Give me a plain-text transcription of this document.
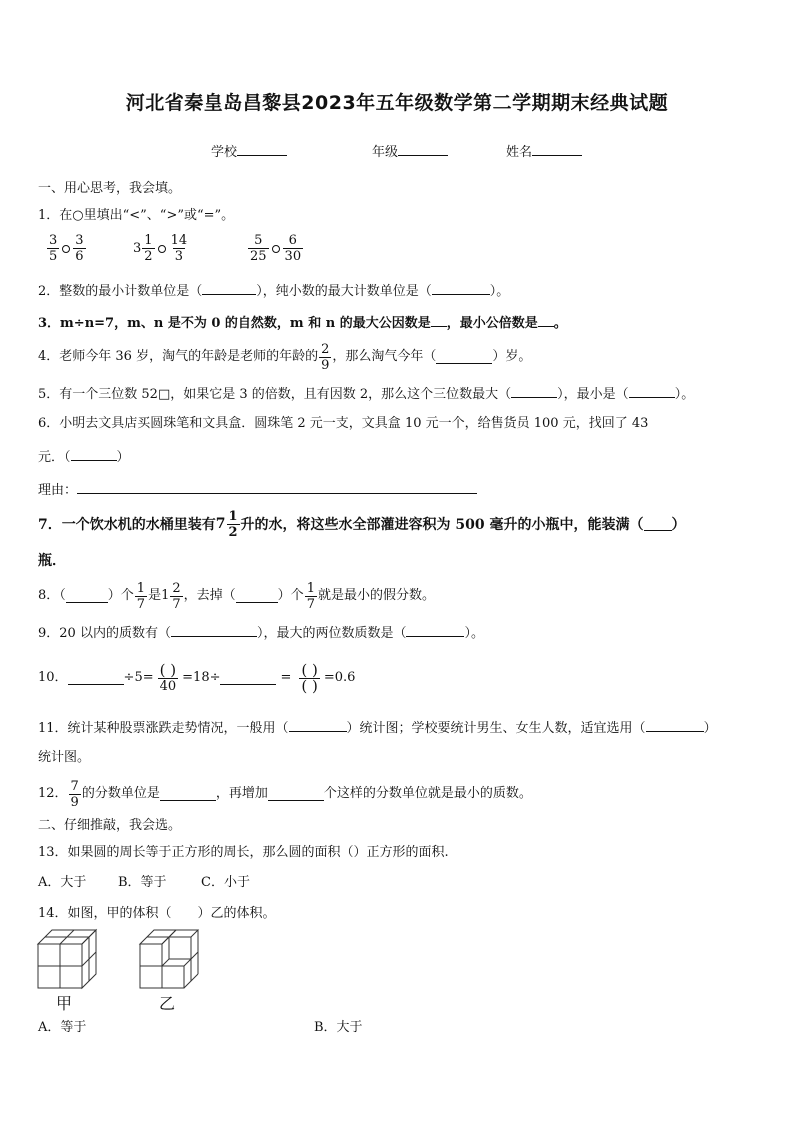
河北省秦皇岛昌黎县2023年五年级数学第二学期期末经典试题
学校	年级	姓名
一、用心思考，我会填。
1．在○里填出“<”、“>”或“=”。
$\frac{3}{5} \frac{3}{6}$	$3 \frac{1}{2} \frac{14}{3}$	$\frac{5}{25} \frac{6}{30}$
2．整数的最小计数单位是（	），纯小数的最大计数单位是（	）。
3．m÷n=7，m、n 是不为 0 的自然数，m 和 n 的最大公因数是 ，最小公倍数是 。
4．老师今年 36 岁，淘气的年龄是老师的年龄的 $\frac{2}{9}$ ，那么淘气今年（	）岁。
5．有一个三位数 52□，如果它是 3 的倍数，且有因数 2，那么这个三位数最大（	），最小是（	）。
6．小明去文具店买圆珠笔和文具盒．圆珠笔 2 元一支，文具盒 10 元一个，给售货员 100 元，找回了 43
元．（	）
理由：
7．一个饮水机的水桶里装有 $7 \frac{1}{2}$ 升的水，将这些水全部灌进容积为 500 毫升的小瓶中，能装满（ ）
瓶．
8．（	）个 $\frac{1}{7}$ 是 $1 \frac{2}{7}$ ，去掉（	）个 $\frac{1}{7}$ 就是最小的假分数。
9．20 以内的质数有（	），最大的两位数质数是（	）。
10．	$\div 5= \frac{( )}{40} =18\div$	= $\frac{( )}{( )} =0.6$
11．统计某种股票涨跌走势情况，一般用（	）统计图；学校要统计男生、女生人数，适宜选用（	）
统计图。
12． $\frac{7}{9}$ 的分数单位是	，再增加	个这样的分数单位就是最小的质数。
二、仔细推敲，我会选。
13．如果圆的周长等于正方形的周长，那么圆的面积（）正方形的面积.
A．大于 B．等于	C．小于
14．如图，甲的体积（　　）乙的体积。
甲	乙
A．等于	B．大于
